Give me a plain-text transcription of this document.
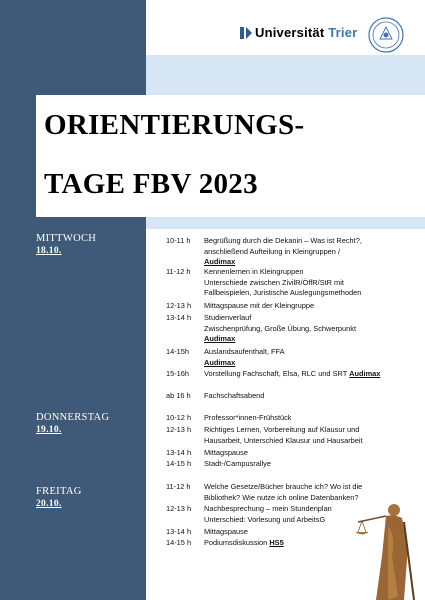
Universität Trier
ORIENTIERUNGS-
TAGE FBV 2023
MITTWOCH
18.10.
DONNERSTAG
19.10.
FREITAG
20.10.
10-11 h Begrüßung durch die Dekanin – Was ist Recht?,
anschließend Aufteilung in Kleingruppen /
Audimax
11-12 h Kennenlernen in Kleingruppen
Unterschiede zwischen ZivilR/ÖffR/StR mit
Fallbeispielen, Juristische Auslegungsmethoden
12-13 h Mittagspause mit der Kleingruppe
13-14 h Studienverlauf
Zwischenprüfung, Große Übung, Schwerpunkt
Audimax
14-15h Auslandsaufenthalt, FFA
Audimax
15-16h Vorstellung Fachschaft, Elsa, RLC und SRT Audimax
ab 16 h Fachschaftsabend
10-12 h Professor*innen-Frühstück
12-13 h Richtiges Lernen, Vorbereitung auf Klausur und
Hausarbeit, Unterschied Klausur und Hausarbeit
13-14 h Mittagspause
14-15 h Stadt-/Campusrallye
11-12 h Welche Gesetze/Bücher brauche ich? Wo ist die
Bibliothek? Wie nutze ich online Datenbanken?
12-13 h Nachbesprechung – mein Stundenplan
Unterschied: Vorlesung und ArbeitsG
13-14 h Mittagspause
14-15 h Podiumsdiskussion HS5
